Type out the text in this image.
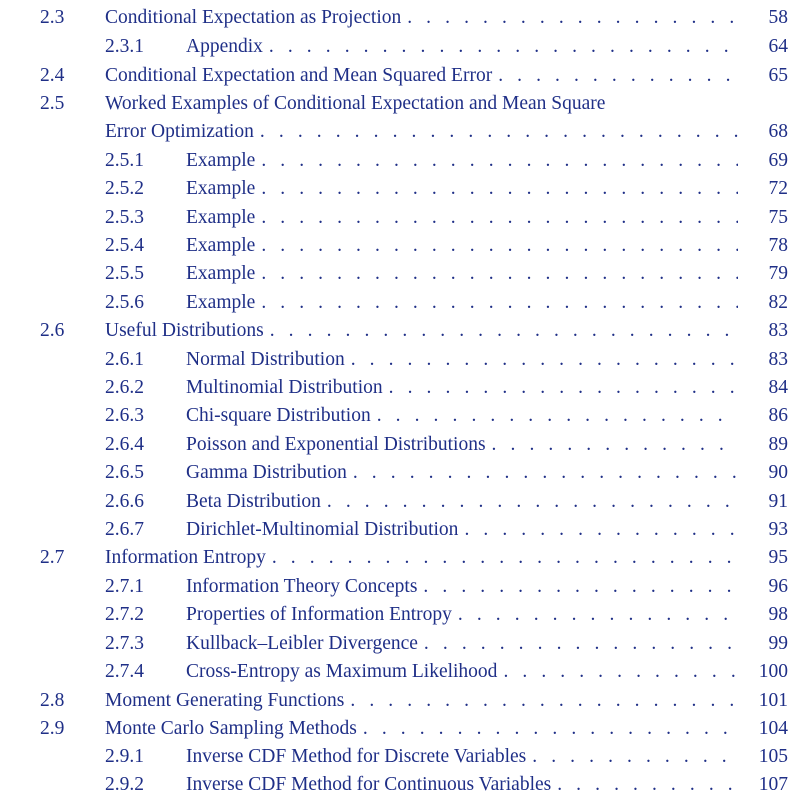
2.3 Conditional Expectation as Projection . . .	58
2.3.1 Appendix . . .	64
2.4 Conditional Expectation and Mean Squared Error . . .	65
2.5 Worked Examples of Conditional Expectation and Mean Square
Error Optimization . . .	68
2.5.1 Example . . .	69
2.5.2 Example . . .	72
2.5.3 Example . . .	75
2.5.4 Example . . .	78
2.5.5 Example . . .	79
2.5.6 Example . . .	82
2.6 Useful Distributions . . .	83
2.6.1 Normal Distribution . . .	83
2.6.2 Multinomial Distribution . . .	84
2.6.3 Chi-square Distribution . . .	86
2.6.4 Poisson and Exponential Distributions . . .	89
2.6.5 Gamma Distribution . . .	90
2.6.6 Beta Distribution . . .	91
2.6.7 Dirichlet-Multinomial Distribution . . .	93
2.7 Information Entropy . . .	95
2.7.1 Information Theory Concepts . . .	96
2.7.2 Properties of Information Entropy . . .	98
2.7.3 Kullback–Leibler Divergence . . .	99
2.7.4 Cross-Entropy as Maximum Likelihood . . .	100
2.8 Moment Generating Functions . . .	101
2.9 Monte Carlo Sampling Methods . . .	104
2.9.1 Inverse CDF Method for Discrete Variables . . .	105
2.9.2 Inverse CDF Method for Continuous Variables . . .	107
